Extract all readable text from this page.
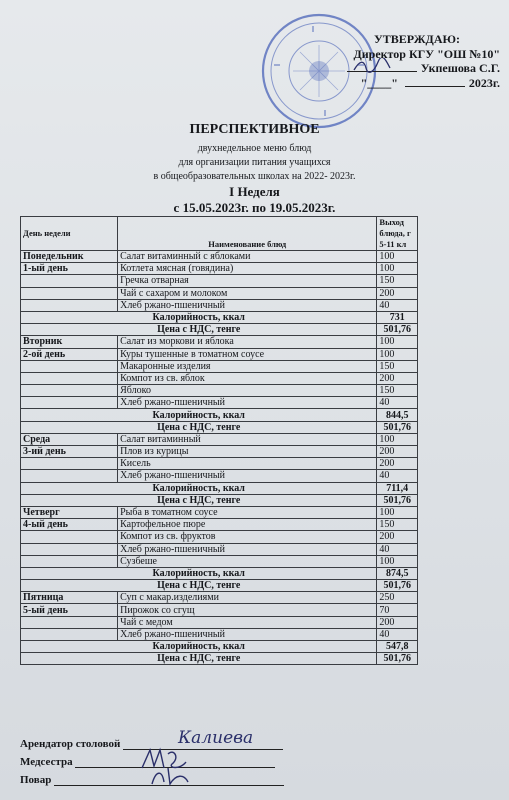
УТВЕРЖДАЮ:
Директор КГУ "ОШ №10"
Укпешова С.Г.
"____"	2023г.
ПЕРСПЕКТИВНОЕ
двухнедельное меню блюд
для организации питания учащихся
в общеобразовательных школах на 2022- 2023г.
I Неделя
с 15.05.2023г. по 19.05.2023г.
День недели	Наименование блюд	Выход блюда, г 5-11 кл
Понедельник	Салат витаминный с яблоками	100
1-ый день	Котлета мясная (говядина)	100
	Гречка отварная	150
	Чай с сахаром и молоком	200
	Хлеб ржано-пшеничный	40
Калорийность, ккал		731
Цена с НДС, тенге		501,76
Вторник	Салат из моркови и яблока	100
2-ой день	Куры тушенные в томатном соусе	100
	Макаронные изделия	150
	Компот из св. яблок	200
	Яблоко	150
	Хлеб ржано-пшеничный	40
Калорийность, ккал		844,5
Цена с НДС, тенге		501,76
Среда	Салат витаминный	100
3-ий день	Плов из курицы	200
	Кисель	200
	Хлеб ржано-пшеничный	40
Калорийность, ккал		711,4
Цена с НДС, тенге		501,76
Четверг	Рыба в томатном соусе	100
4-ый день	Картофельное пюре	150
	Компот из св. фруктов	200
	Хлеб ржано-пшеничный	40
	Сузбеше	100
Калорийность, ккал		874,5
Цена с НДС, тенге		501,76
Пятница	Суп с макар.изделиями	250
5-ый день	Пирожок со сгущ	70
	Чай с медом	200
	Хлеб ржано-пшеничный	40
Калорийность, ккал		547,8
Цена с НДС, тенге		501,76
Арендатор столовой	Калиева
Медсестра
Повар
